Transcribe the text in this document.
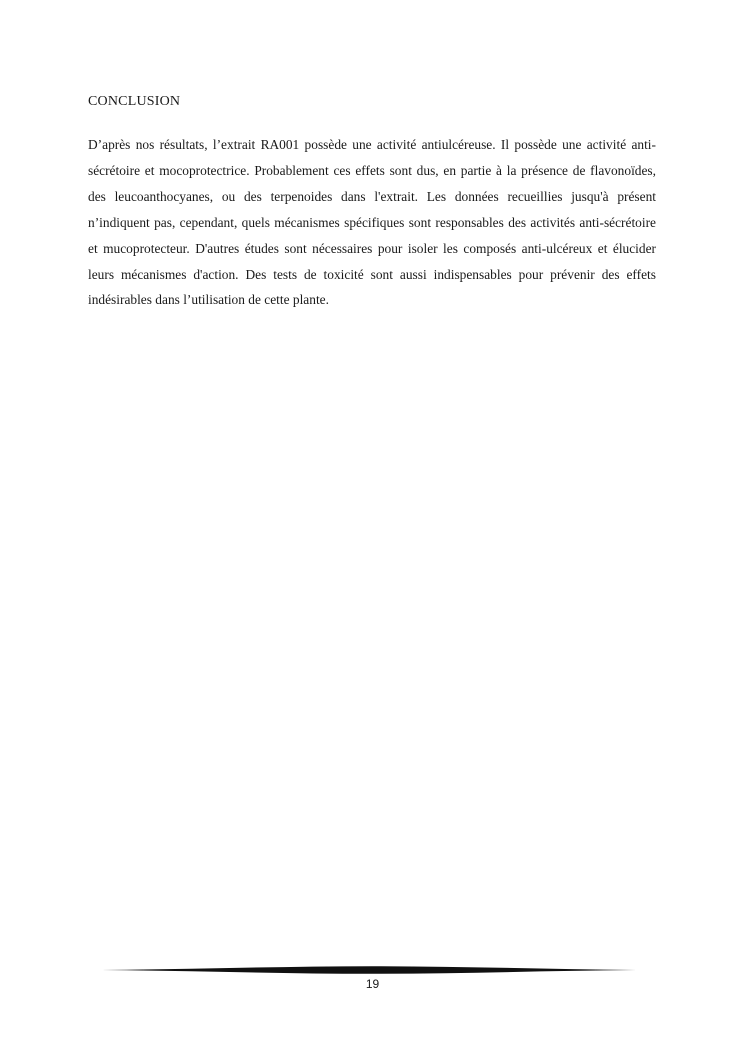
CONCLUSION

D’après nos résultats, l’extrait RA001 possède une activité antiulcéreuse. Il possède une activité anti-sécrétoire et mocoprotectrice. Probablement ces effets sont dus, en partie à la présence de flavonoïdes, des leucoanthocyanes, ou des terpenoides dans l'extrait. Les données recueillies jusqu'à présent n’indiquent pas, cependant, quels mécanismes spécifiques sont responsables des activités anti-sécrétoire et mucoprotecteur. D'autres études sont nécessaires pour isoler les composés anti-ulcéreux et élucider leurs mécanismes d'action. Des tests de toxicité sont aussi indispensables pour prévenir des effets indésirables dans l’utilisation de cette plante.

19
